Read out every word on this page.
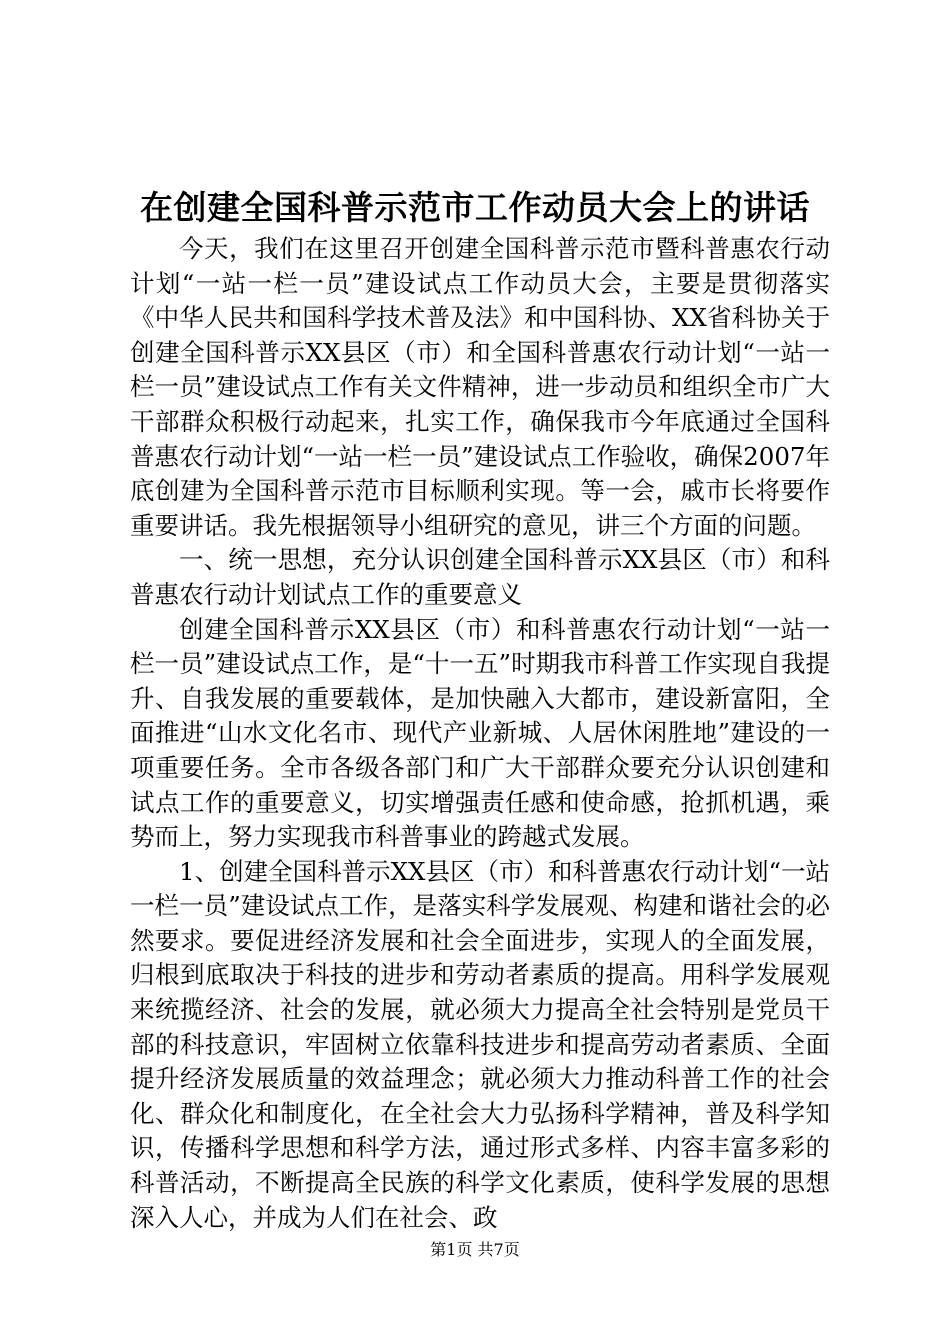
在创建全国科普示范市工作动员大会上的讲话

今天，我们在这里召开创建全国科普示范市暨科普惠农行动计划“一站一栏一员”建设试点工作动员大会，主要是贯彻落实《中华人民共和国科学技术普及法》和中国科协、XX省科协关于创建全国科普示XX县区（市）和全国科普惠农行动计划“一站一栏一员”建设试点工作有关文件精神，进一步动员和组织全市广大干部群众积极行动起来，扎实工作，确保我市今年底通过全国科普惠农行动计划“一站一栏一员”建设试点工作验收，确保2007年底创建为全国科普示范市目标顺利实现。等一会，戚市长将要作重要讲话。我先根据领导小组研究的意见，讲三个方面的问题。

一、统一思想，充分认识创建全国科普示XX县区（市）和科普惠农行动计划试点工作的重要意义

创建全国科普示XX县区（市）和科普惠农行动计划“一站一栏一员”建设试点工作，是“十一五”时期我市科普工作实现自我提升、自我发展的重要载体，是加快融入大都市，建设新富阳，全面推进“山水文化名市、现代产业新城、人居休闲胜地”建设的一项重要任务。全市各级各部门和广大干部群众要充分认识创建和试点工作的重要意义，切实增强责任感和使命感，抢抓机遇，乘势而上，努力实现我市科普事业的跨越式发展。

1、创建全国科普示XX县区（市）和科普惠农行动计划“一站一栏一员”建设试点工作，是落实科学发展观、构建和谐社会的必然要求。要促进经济发展和社会全面进步，实现人的全面发展，归根到底取决于科技的进步和劳动者素质的提高。用科学发展观来统揽经济、社会的发展，就必须大力提高全社会特别是党员干部的科技意识，牢固树立依靠科技进步和提高劳动者素质、全面提升经济发展质量的效益理念；就必须大力推动科普工作的社会化、群众化和制度化，在全社会大力弘扬科学精神，普及科学知识，传播科学思想和科学方法，通过形式多样、内容丰富多彩的科普活动，不断提高全民族的科学文化素质，使科学发展的思想深入人心，并成为人们在社会、政

第1页 共7页
